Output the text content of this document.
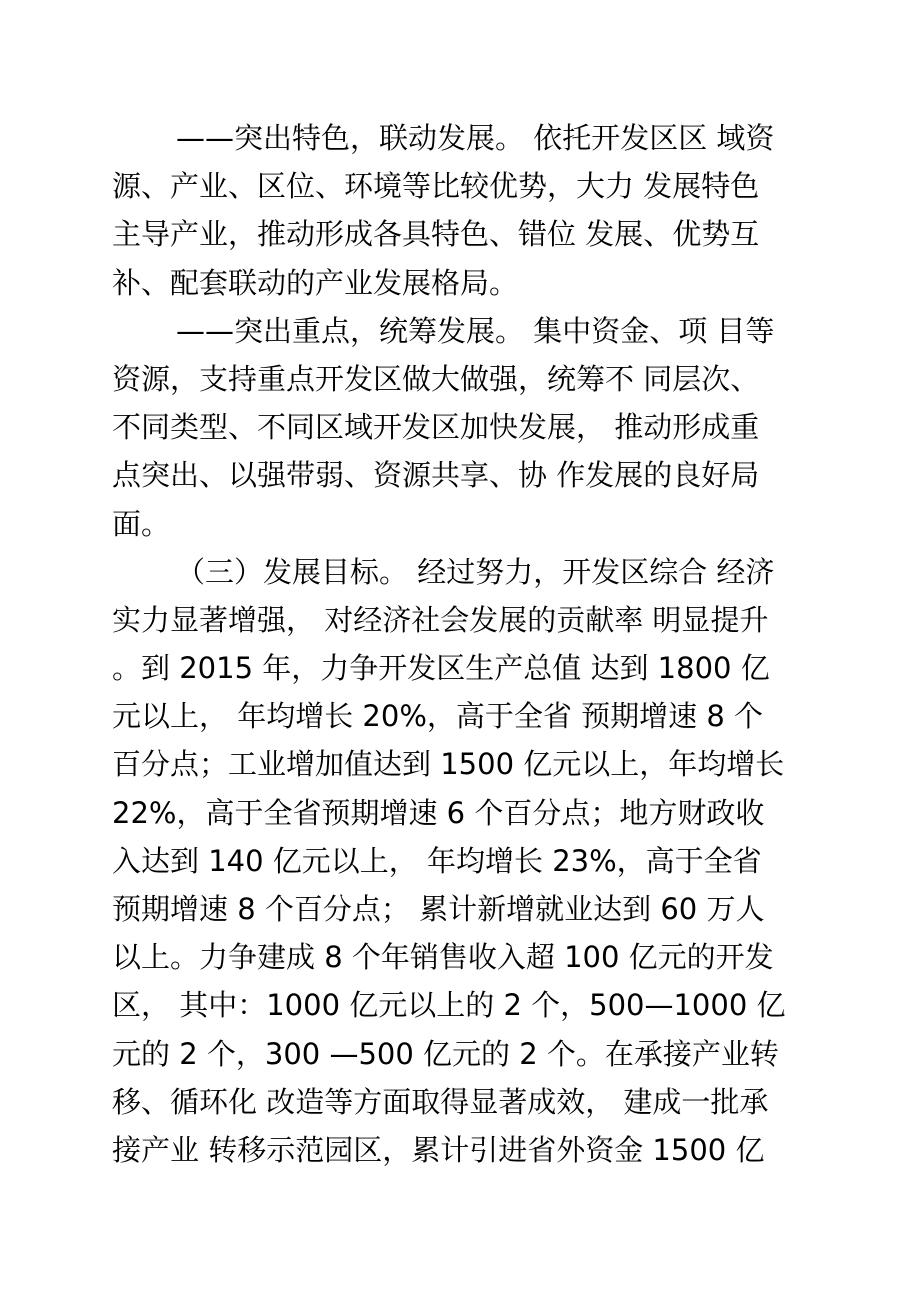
——突出特色，联动发展。 依托开发区区 域资
源、产业、区位、环境等比较优势，大力 发展特色
主导产业，推动形成各具特色、错位 发展、优势互
补、配套联动的产业发展格局。
——突出重点，统筹发展。 集中资金、项 目等
资源，支持重点开发区做大做强，统筹不 同层次、
不同类型、不同区域开发区加快发展， 推动形成重
点突出、以强带弱、资源共享、协 作发展的良好局
面。
（三）发展目标。 经过努力，开发区综合 经济
实力显著增强， 对经济社会发展的贡献率 明显提升
。到 2015 年，力争开发区生产总值 达到 1800 亿
元以上， 年均增长 20%，高于全省 预期增速 8 个
百分点；工业增加值达到 1500 亿元以上，年均增长
22%，高于全省预期增速 6 个百分点；地方财政收
入达到 140 亿元以上， 年均增长 23%，高于全省
预期增速 8 个百分点； 累计新增就业达到 60 万人
以上。力争建成 8 个年销售收入超 100 亿元的开发
区， 其中：1000 亿元以上的 2 个，500—1000 亿
元的 2 个，300 —500 亿元的 2 个。在承接产业转
移、循环化 改造等方面取得显著成效， 建成一批承
接产业 转移示范园区，累计引进省外资金 1500 亿
